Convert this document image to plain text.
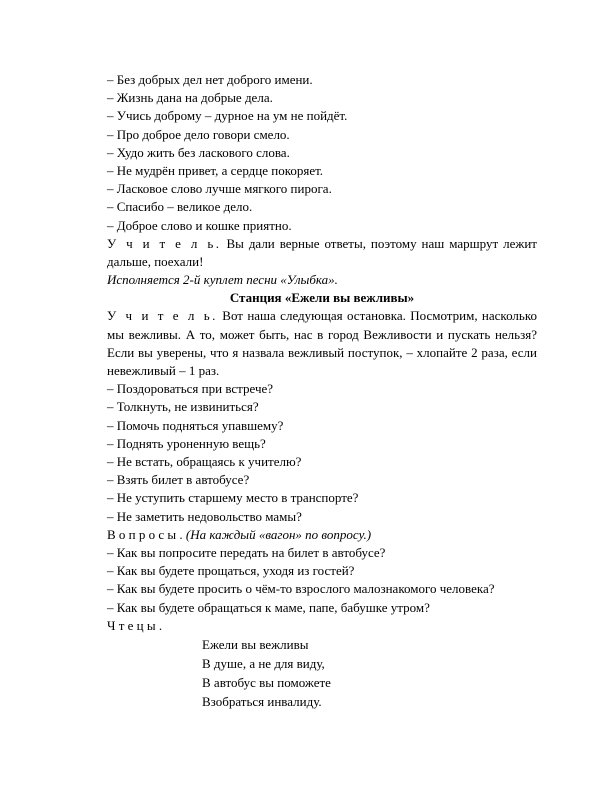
– Без добрых дел нет доброго имени.
– Жизнь дана на добрые дела.
– Учись доброму – дурное на ум не пойдёт.
– Про доброе дело говори смело.
– Худо жить без ласкового слова.
– Не мудрён привет, а сердце покоряет.
– Ласковое слово лучше мягкого пирога.
– Спасибо – великое дело.
– Доброе слово и кошке приятно.
У ч и т е л ь. Вы дали верные ответы, поэтому наш маршрут лежит дальше, поехали!
Исполняется 2-й куплет песни «Улыбка».
Станция «Ежели вы вежливы»
У ч и т е л ь. Вот наша следующая остановка. Посмотрим, насколько мы вежливы. А то, может быть, нас в город Вежливости и пускать нельзя? Если вы уверены, что я назвала вежливый поступок, – хлопайте 2 раза, если невежливый – 1 раз.
– Поздороваться при встрече?
– Толкнуть, не извиниться?
– Помочь подняться упавшему?
– Поднять уроненную вещь?
– Не встать, обращаясь к учителю?
– Взять билет в автобусе?
– Не уступить старшему место в транспорте?
– Не заметить недовольство мамы?
В о п р о с ы . (На каждый «вагон» по вопросу.)
– Как вы попросите передать на билет в автобусе?
– Как вы будете прощаться, уходя из гостей?
– Как вы будете просить о чём-то взрослого малознакомого человека?
– Как вы будете обращаться к маме, папе, бабушке утром?
Ч т е ц ы .
Ежели вы вежливы
В душе, а не для виду,
В автобус вы поможете
Взобраться инвалиду.
